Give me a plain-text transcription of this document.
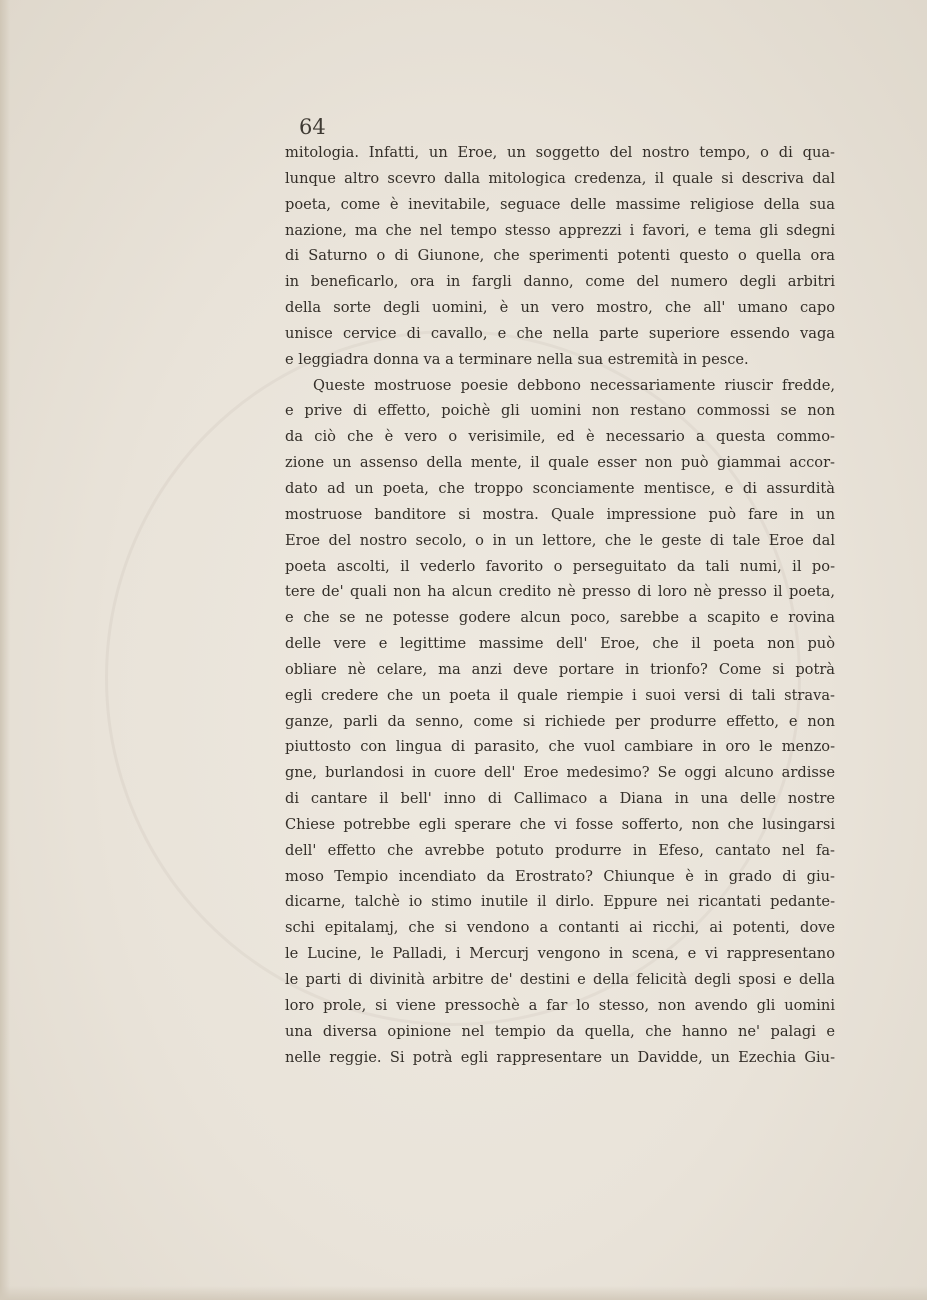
64
mitologia. Infatti, un Eroe, un soggetto del nostro tempo, o di qua-
lunque altro scevro dalla mitologica credenza, il quale si descriva dal
poeta, come è inevitabile, seguace delle massime religiose della sua
nazione, ma che nel tempo stesso apprezzi i favori, e tema gli sdegni
di Saturno o di Giunone, che sperimenti potenti questo o quella ora
in beneficarlo, ora in fargli danno, come del numero degli arbitri
della sorte degli uomini, è un vero mostro, che all' umano capo
unisce cervice di cavallo, e che nella parte superiore essendo vaga
e leggiadra donna va a terminare nella sua estremità in pesce.
Queste mostruose poesie debbono necessariamente riuscir fredde,
e prive di effetto, poichè gli uomini non restano commossi se non
da ciò che è vero o verisimile, ed è necessario a questa commo-
zione un assenso della mente, il quale esser non può giammai accor-
dato ad un poeta, che troppo sconciamente mentisce, e di assurdità
mostruose banditore si mostra. Quale impressione può fare in un
Eroe del nostro secolo, o in un lettore, che le geste di tale Eroe dal
poeta ascolti, il vederlo favorito o perseguitato da tali numi, il po-
tere de' quali non ha alcun credito nè presso di loro nè presso il poeta,
e che se ne potesse godere alcun poco, sarebbe a scapito e rovina
delle vere e legittime massime dell' Eroe, che il poeta non può
obliare nè celare, ma anzi deve portare in trionfo? Come si potrà
egli credere che un poeta il quale riempie i suoi versi di tali strava-
ganze, parli da senno, come si richiede per produrre effetto, e non
piuttosto con lingua di parasito, che vuol cambiare in oro le menzo-
gne, burlandosi in cuore dell' Eroe medesimo? Se oggi alcuno ardisse
di cantare il bell' inno di Callimaco a Diana in una delle nostre
Chiese potrebbe egli sperare che vi fosse sofferto, non che lusingarsi
dell' effetto che avrebbe potuto produrre in Efeso, cantato nel fa-
moso Tempio incendiato da Erostrato? Chiunque è in grado di giu-
dicarne, talchè io stimo inutile il dirlo. Eppure nei ricantati pedante-
schi epitalamj, che si vendono a contanti ai ricchi, ai potenti, dove
le Lucine, le Palladi, i Mercurj vengono in scena, e vi rappresentano
le parti di divinità arbitre de' destini e della felicità degli sposi e della
loro prole, si viene pressochè a far lo stesso, non avendo gli uomini
una diversa opinione nel tempio da quella, che hanno ne' palagi e
nelle reggie. Si potrà egli rappresentare un Davidde, un Ezechia Giu-
